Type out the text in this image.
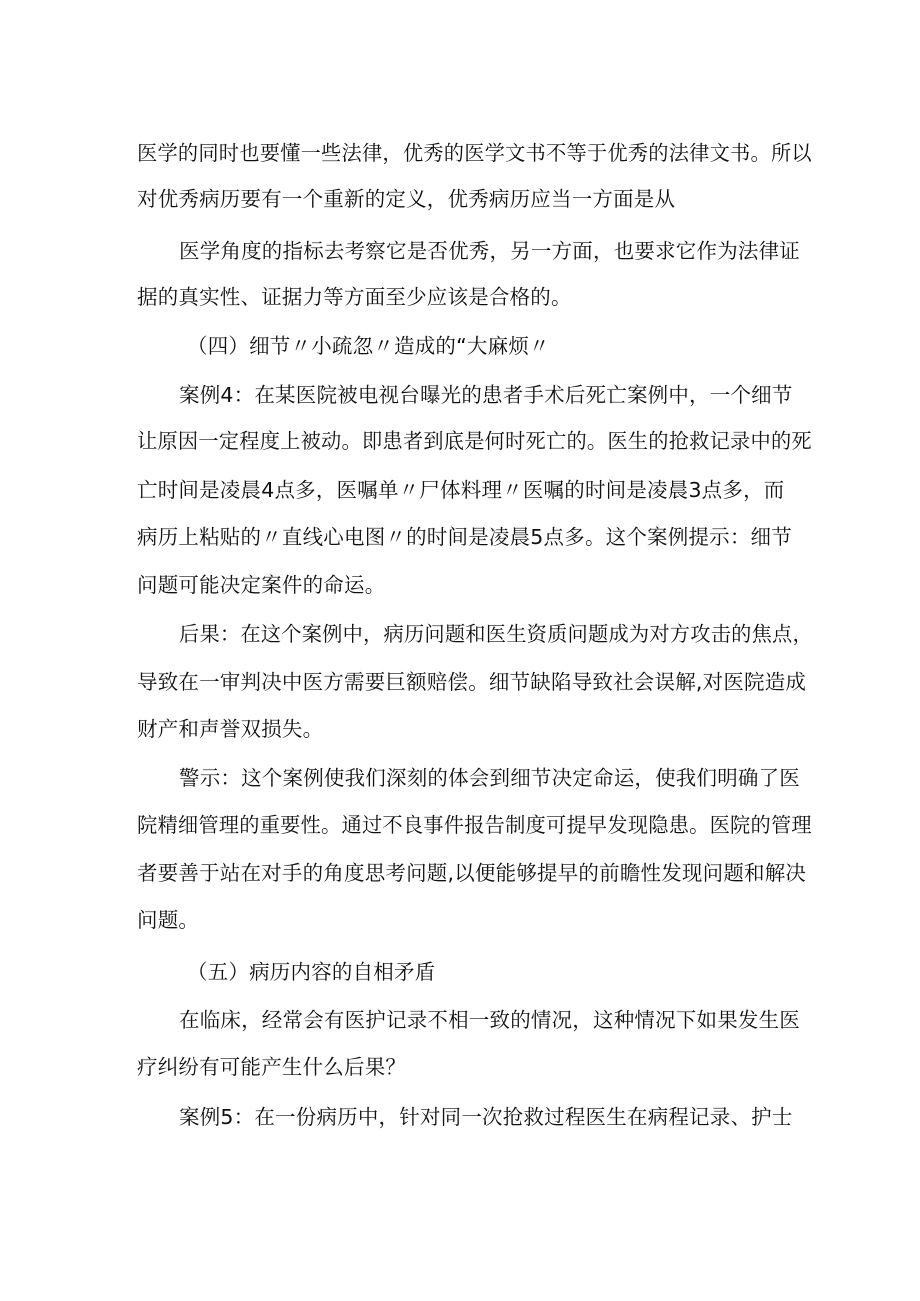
医学的同时也要懂一些法律，优秀的医学文书不等于优秀的法律文书。所以
对优秀病历要有一个重新的定义，优秀病历应当一方面是从
医学角度的指标去考察它是否优秀，另一方面，也要求它作为法律证
据的真实性、证据力等方面至少应该是合格的。
（四）细节〃小疏忽〃造成的“大麻烦〃
案例4：在某医院被电视台曝光的患者手术后死亡案例中，一个细节
让原因一定程度上被动。即患者到底是何时死亡的。医生的抢救记录中的死
亡时间是凌晨4点多，医嘱单〃尸体料理〃医嘱的时间是凌晨3点多，而
病历上粘贴的〃直线心电图〃的时间是凌晨5点多。这个案例提示：细节
问题可能决定案件的命运。
后果：在这个案例中，病历问题和医生资质问题成为对方攻击的焦点，
导致在一审判决中医方需要巨额赔偿。细节缺陷导致社会误解,对医院造成
财产和声誉双损失。
警示：这个案例使我们深刻的体会到细节决定命运，使我们明确了医
院精细管理的重要性。通过不良事件报告制度可提早发现隐患。医院的管理
者要善于站在对手的角度思考问题,以便能够提早的前瞻性发现问题和解决
问题。
（五）病历内容的自相矛盾
在临床，经常会有医护记录不相一致的情况，这种情况下如果发生医
疗纠纷有可能产生什么后果？
案例5：在一份病历中，针对同一次抢救过程医生在病程记录、护士
